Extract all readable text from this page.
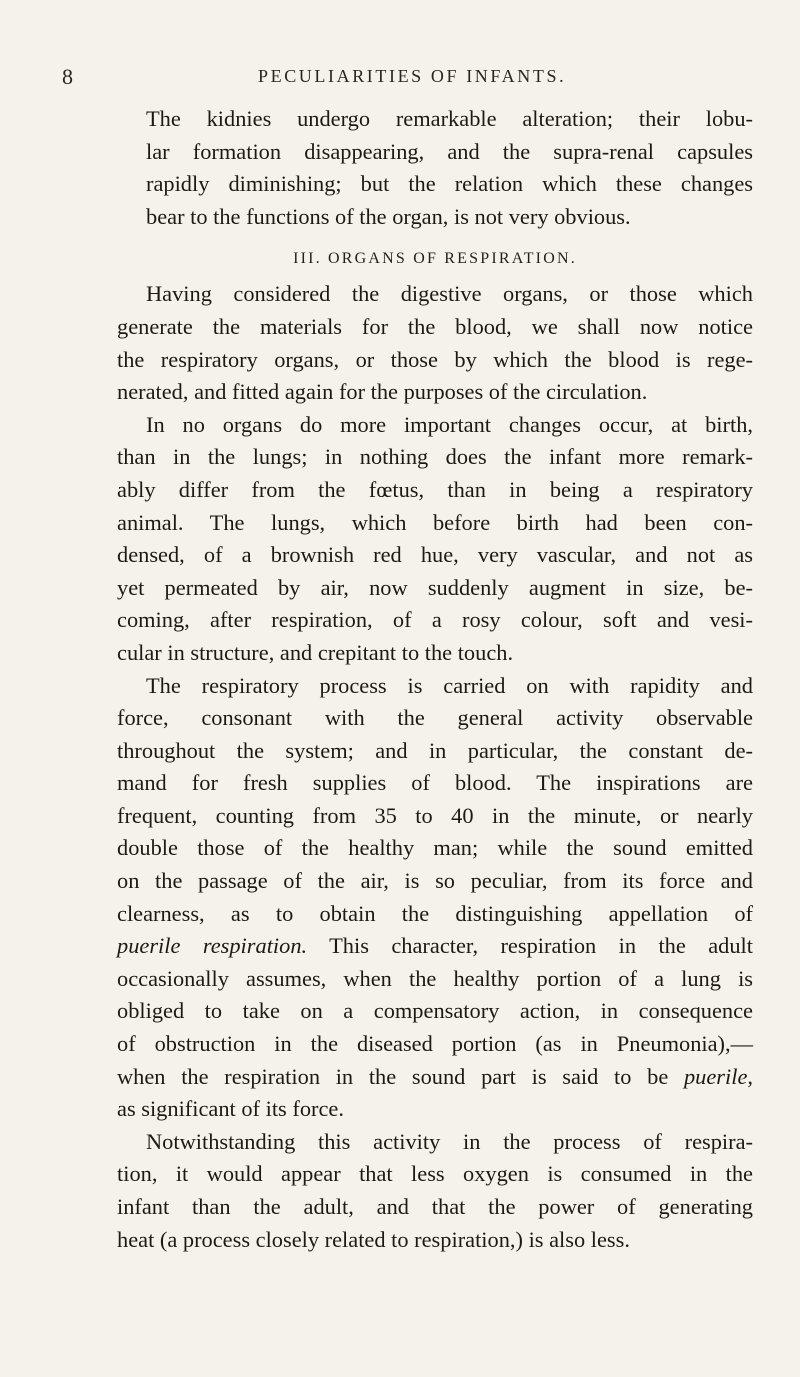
8	PECULIARITIES OF INFANTS.

The kidnies undergo remarkable alteration; their lobu-
lar formation disappearing, and the supra-renal capsules
rapidly diminishing; but the relation which these changes
bear to the functions of the organ, is not very obvious.

III. ORGANS OF RESPIRATION.

Having considered the digestive organs, or those which
generate the materials for the blood, we shall now notice
the respiratory organs, or those by which the blood is rege-
nerated, and fitted again for the purposes of the circulation.

In no organs do more important changes occur, at birth,
than in the lungs; in nothing does the infant more remark-
ably differ from the fœtus, than in being a respiratory
animal. The lungs, which before birth had been con-
densed, of a brownish red hue, very vascular, and not as
yet permeated by air, now suddenly augment in size, be-
coming, after respiration, of a rosy colour, soft and vesi-
cular in structure, and crepitant to the touch.

The respiratory process is carried on with rapidity and
force, consonant with the general activity observable
throughout the system; and in particular, the constant de-
mand for fresh supplies of blood. The inspirations are
frequent, counting from 35 to 40 in the minute, or nearly
double those of the healthy man; while the sound emitted
on the passage of the air, is so peculiar, from its force and
clearness, as to obtain the distinguishing appellation of
puerile respiration. This character, respiration in the adult
occasionally assumes, when the healthy portion of a lung is
obliged to take on a compensatory action, in consequence
of obstruction in the diseased portion (as in Pneumonia),—
when the respiration in the sound part is said to be puerile,
as significant of its force.

Notwithstanding this activity in the process of respira-
tion, it would appear that less oxygen is consumed in the
infant than the adult, and that the power of generating
heat (a process closely related to respiration,) is also less.
